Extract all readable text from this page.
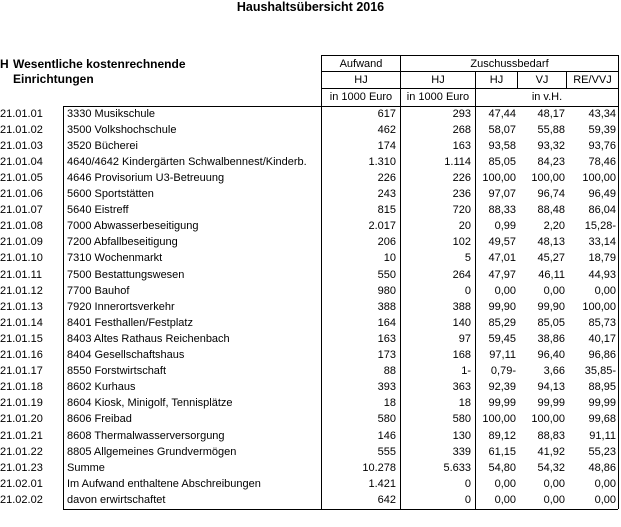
Haushaltsübersicht 2016
H Wesentliche kostenrechnende
Einrichtungen
Aufwand	Zuschussbedarf
HJ	HJ	HJ	VJ	RE/VVJ
in 1000 Euro	in 1000 Euro	in v.H.
21.01.01	3330 Musikschule	617	293	47,44	48,17	43,34
21.01.02	3500 Volkshochschule	462	268	58,07	55,88	59,39
21.01.03	3520 Bücherei	174	163	93,58	93,32	93,76
21.01.04	4640/4642 Kindergärten Schwalbennest/Kinderb.	1.310	1.114	85,05	84,23	78,46
21.01.05	4646 Provisorium U3-Betreuung	226	226	100,00	100,00	100,00
21.01.06	5600 Sportstätten	243	236	97,07	96,74	96,49
21.01.07	5640 Eistreff	815	720	88,33	88,48	86,04
21.01.08	7000 Abwasserbeseitigung	2.017	20	0,99	2,20	15,28-
21.01.09	7200 Abfallbeseitigung	206	102	49,57	48,13	33,14
21.01.10	7310 Wochenmarkt	10	5	47,01	45,27	18,79
21.01.11	7500 Bestattungswesen	550	264	47,97	46,11	44,93
21.01.12	7700 Bauhof	980	0	0,00	0,00	0,00
21.01.13	7920 Innerortsverkehr	388	388	99,90	99,90	100,00
21.01.14	8401 Festhallen/Festplatz	164	140	85,29	85,05	85,73
21.01.15	8403 Altes Rathaus Reichenbach	163	97	59,45	38,86	40,17
21.01.16	8404 Gesellschaftshaus	173	168	97,11	96,40	96,86
21.01.17	8550 Forstwirtschaft	88	1-	0,79-	3,66	35,85-
21.01.18	8602 Kurhaus	393	363	92,39	94,13	88,95
21.01.19	8604 Kiosk, Minigolf, Tennisplätze	18	18	99,99	99,99	99,99
21.01.20	8606 Freibad	580	580	100,00	100,00	99,68
21.01.21	8608 Thermalwasserversorgung	146	130	89,12	88,83	91,11
21.01.22	8805 Allgemeines Grundvermögen	555	339	61,15	41,92	55,23
21.01.23	Summe	10.278	5.633	54,80	54,32	48,86
21.02.01	Im Aufwand enthaltene Abschreibungen	1.421	0	0,00	0,00	0,00
21.02.02	davon erwirtschaftet	642	0	0,00	0,00	0,00
